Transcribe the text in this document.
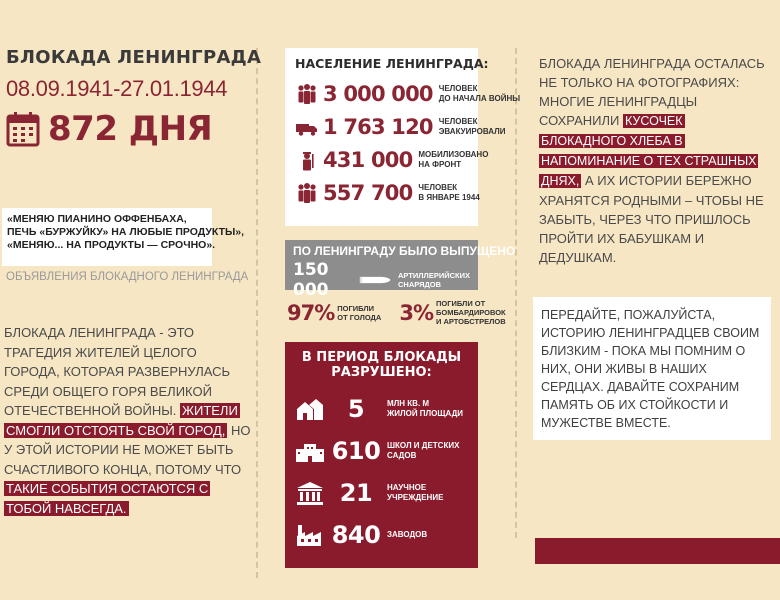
БЛОКАДА ЛЕНИНГРАДА
08.09.1941-27.01.1944
872 ДНЯ
«МЕНЯЮ ПИАНИНО ОФФЕНБАХА,
ПЕЧЬ «БУРЖУЙКУ» НА ЛЮБЫЕ ПРОДУКТЫ»,
«МЕНЯЮ... НА ПРОДУКТЫ — СРОЧНО».
ОБЪЯВЛЕНИЯ БЛОКАДНОГО ЛЕНИНГРАДА
БЛОКАДА ЛЕНИНГРАДА - ЭТО ТРАГЕДИЯ ЖИТЕЛЕЙ ЦЕЛОГО ГОРОДА, КОТОРАЯ РАЗВЕРНУЛАСЬ СРЕДИ ОБЩЕГО ГОРЯ ВЕЛИКОЙ ОТЕЧЕСТВЕННОЙ ВОЙНЫ. ЖИТЕЛИ СМОГЛИ ОТСТОЯТЬ СВОЙ ГОРОД, НО У ЭТОЙ ИСТОРИИ НЕ МОЖЕТ БЫТЬ СЧАСТЛИВОГО КОНЦА, ПОТОМУ ЧТО ТАКИЕ СОБЫТИЯ ОСТАЮТСЯ С ТОБОЙ НАВСЕГДА.
НАСЕЛЕНИЕ ЛЕНИНГРАДА:
3 000 000 ЧЕЛОВЕК
ДО НАЧАЛА ВОЙНЫ
1 763 120 ЧЕЛОВЕК
ЭВАКУИРОВАЛИ
431 000 МОБИЛИЗОВАНО
НА ФРОНТ
557 700 ЧЕЛОВЕК
В ЯНВАРЕ 1944
ПО ЛЕНИНГРАДУ БЫЛО ВЫПУЩЕНО
150 000
АРТИЛЛЕРИЙСКИХ
СНАРЯДОВ
97% ПОГИБЛИ
ОТ ГОЛОДА 3% ПОГИБЛИ ОТ
БОМБАРДИРОВОК
И АРТОБСТРЕЛОВ
В ПЕРИОД БЛОКАДЫ
РАЗРУШЕНО:
5	МЛН КВ. М
ЖИЛОЙ ПЛОЩАДИ
610 ШКОЛ И ДЕТСКИХ
САДОВ
21	НАУЧНОЕ
УЧРЕЖДЕНИЕ
840 ЗАВОДОВ
БЛОКАДА ЛЕНИНГРАДА ОСТАЛАСЬ НЕ ТОЛЬКО НА ФОТОГРАФИЯХ: МНОГИЕ ЛЕНИНГРАДЦЫ СОХРАНИЛИ КУСОЧЕК БЛОКАДНОГО ХЛЕБА В НАПОМИНАНИЕ О ТЕХ СТРАШНЫХ ДНЯХ, А ИХ ИСТОРИИ БЕРЕЖНО ХРАНЯТСЯ РОДНЫМИ – ЧТОБЫ НЕ ЗАБЫТЬ, ЧЕРЕЗ ЧТО ПРИШЛОСЬ ПРОЙТИ ИХ БАБУШКАМ И ДЕДУШКАМ.
ПЕРЕДАЙТЕ, ПОЖАЛУЙСТА, ИСТОРИЮ ЛЕНИНГРАДЦЕВ СВОИМ БЛИЗКИМ - ПОКА МЫ ПОМНИМ О НИХ, ОНИ ЖИВЫ В НАШИХ СЕРДЦАХ. ДАВАЙТЕ СОХРАНИМ ПАМЯТЬ ОБ ИХ СТОЙКОСТИ И МУЖЕСТВЕ ВМЕСТЕ.
